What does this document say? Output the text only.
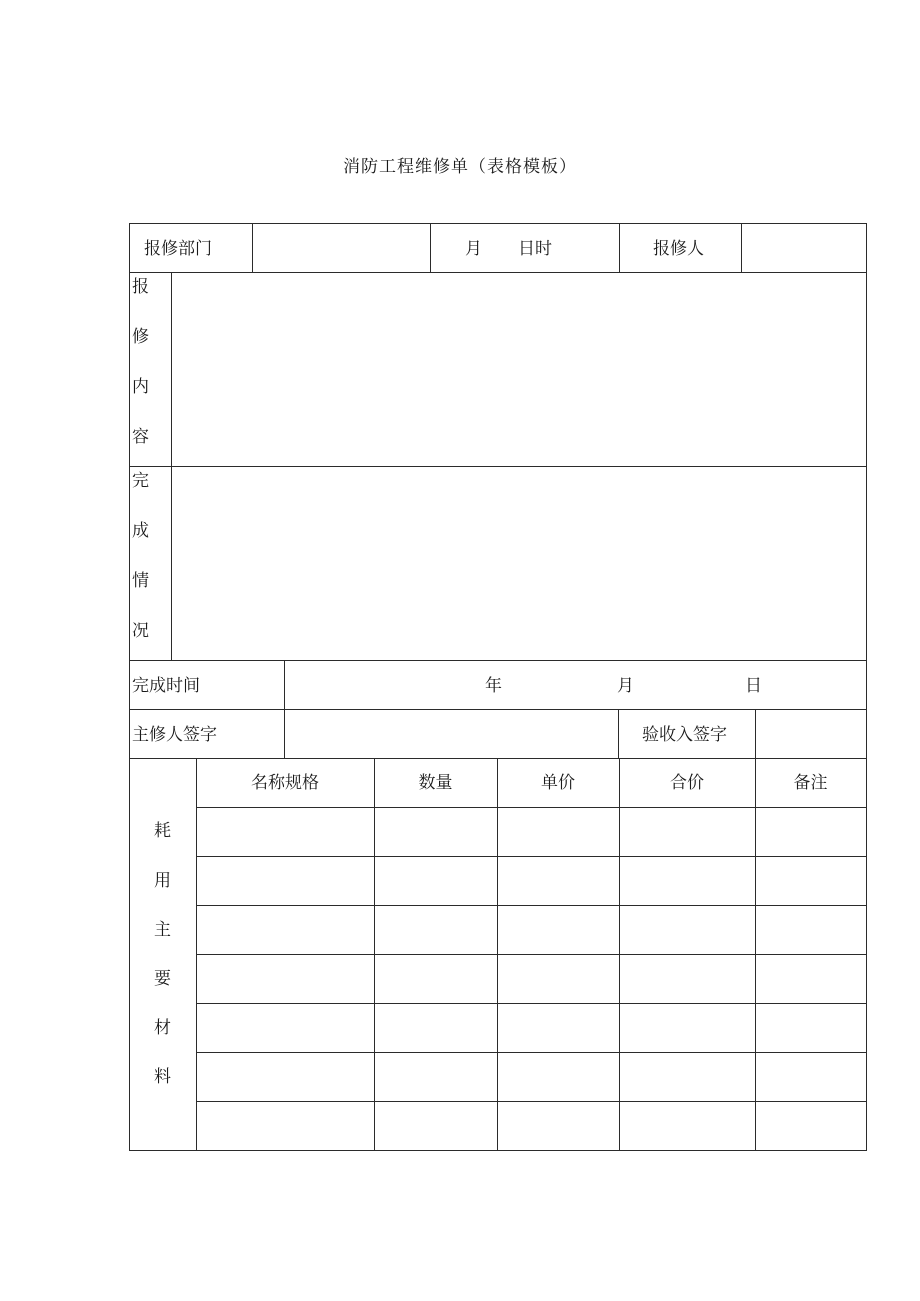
消防工程维修单（表格模板）
报修部门	月 日时	报修人
报
修
内
容
完
成
情
况
完成时间	年	月	日
主修人签字	验收入签字
名称规格	数量	单价	合价	备注
耗
用
主
要
材
料
